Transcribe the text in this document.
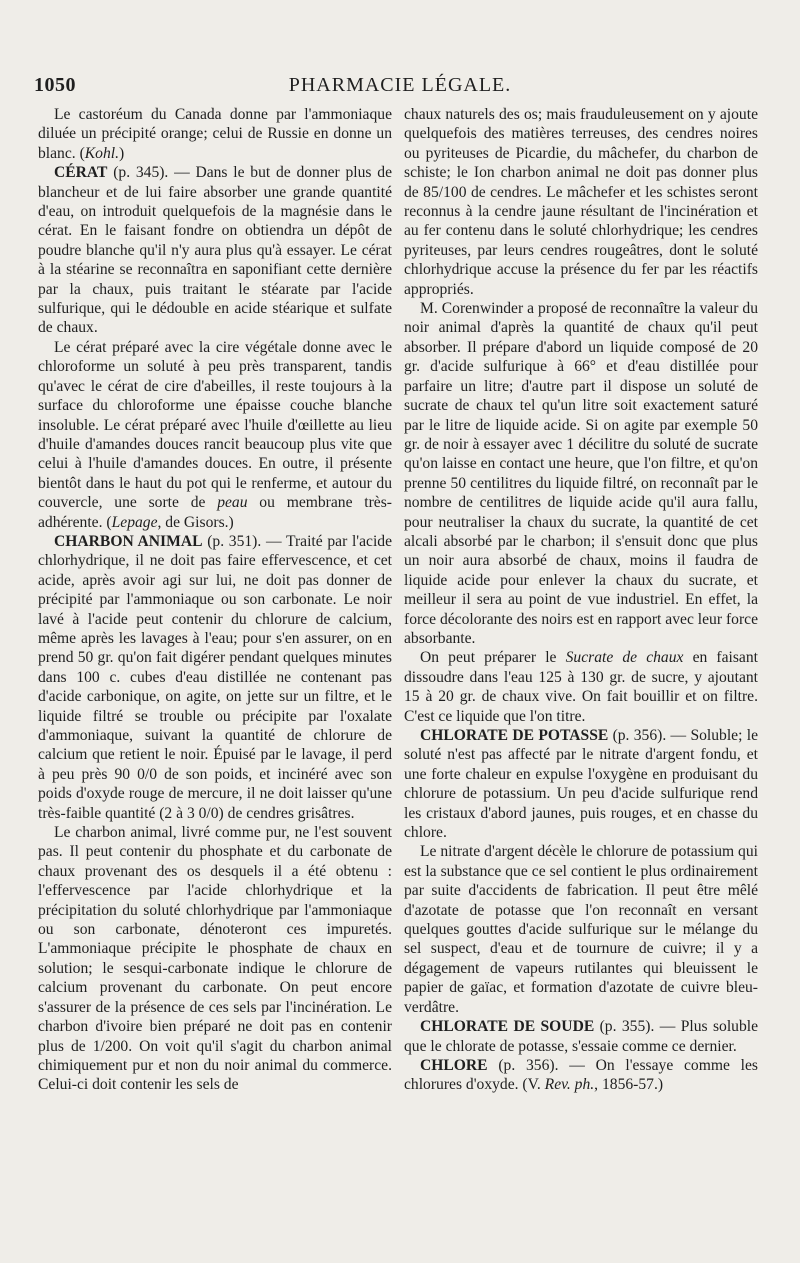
1050	PHARMACIE LÉGALE.

Le castoréum du Canada donne par l'ammoniaque diluée un précipité orange; celui de Russie en donne un blanc. (Kohl.)

CÉRAT (p. 345). — Dans le but de donner plus de blancheur et de lui faire absorber une grande quantité d'eau, on introduit quelquefois de la magnésie dans le cérat. En le faisant fondre on obtiendra un dépôt de poudre blanche qu'il n'y aura plus qu'à essayer. Le cérat à la stéarine se reconnaîtra en saponifiant cette dernière par la chaux, puis traitant le stéarate par l'acide sulfurique, qui le dédouble en acide stéarique et sulfate de chaux.

Le cérat préparé avec la cire végétale donne avec le chloroforme un soluté à peu près transparent, tandis qu'avec le cérat de cire d'abeilles, il reste toujours à la surface du chloroforme une épaisse couche blanche insoluble. Le cérat préparé avec l'huile d'œillette au lieu d'huile d'amandes douces rancit beaucoup plus vite que celui à l'huile d'amandes douces. En outre, il présente bientôt dans le haut du pot qui le renferme, et autour du couvercle, une sorte de peau ou membrane très-adhérente. (Lepage, de Gisors.)

CHARBON ANIMAL (p. 351). — Traité par l'acide chlorhydrique, il ne doit pas faire effervescence, et cet acide, après avoir agi sur lui, ne doit pas donner de précipité par l'ammoniaque ou son carbonate. Le noir lavé à l'acide peut contenir du chlorure de calcium, même après les lavages à l'eau; pour s'en assurer, on en prend 50 gr. qu'on fait digérer pendant quelques minutes dans 100 c. cubes d'eau distillée ne contenant pas d'acide carbonique, on agite, on jette sur un filtre, et le liquide filtré se trouble ou précipite par l'oxalate d'ammoniaque, suivant la quantité de chlorure de calcium que retient le noir. Épuisé par le lavage, il perd à peu près 90 0/0 de son poids, et incinéré avec son poids d'oxyde rouge de mercure, il ne doit laisser qu'une très-faible quantité (2 à 3 0/0) de cendres grisâtres.

Le charbon animal, livré comme pur, ne l'est souvent pas. Il peut contenir du phosphate et du carbonate de chaux provenant des os desquels il a été obtenu : l'effervescence par l'acide chlorhydrique et la précipitation du soluté chlorhydrique par l'ammoniaque ou son carbonate, dénoteront ces impuretés. L'ammoniaque précipite le phosphate de chaux en solution; le sesqui-carbonate indique le chlorure de calcium provenant du carbonate. On peut encore s'assurer de la présence de ces sels par l'incinération. Le charbon d'ivoire bien préparé ne doit pas en contenir plus de 1/200. On voit qu'il s'agit du charbon animal chimiquement pur et non du noir animal du commerce. Celui-ci doit contenir les sels de

chaux naturels des os; mais frauduleusement on y ajoute quelquefois des matières terreuses, des cendres noires ou pyriteuses de Picardie, du mâchefer, du charbon de schiste; le Ion charbon animal ne doit pas donner plus de 85/100 de cendres. Le mâchefer et les schistes seront reconnus à la cendre jaune résultant de l'incinération et au fer contenu dans le soluté chlorhydrique; les cendres pyriteuses, par leurs cendres rougeâtres, dont le soluté chlorhydrique accuse la présence du fer par les réactifs appropriés.

M. Corenwinder a proposé de reconnaître la valeur du noir animal d'après la quantité de chaux qu'il peut absorber. Il prépare d'abord un liquide composé de 20 gr. d'acide sulfurique à 66° et d'eau distillée pour parfaire un litre; d'autre part il dispose un soluté de sucrate de chaux tel qu'un litre soit exactement saturé par le litre de liquide acide. Si on agite par exemple 50 gr. de noir à essayer avec 1 décilitre du soluté de sucrate qu'on laisse en contact une heure, que l'on filtre, et qu'on prenne 50 centilitres du liquide filtré, on reconnaît par le nombre de centilitres de liquide acide qu'il aura fallu, pour neutraliser la chaux du sucrate, la quantité de cet alcali absorbé par le charbon; il s'ensuit donc que plus un noir aura absorbé de chaux, moins il faudra de liquide acide pour enlever la chaux du sucrate, et meilleur il sera au point de vue industriel. En effet, la force décolorante des noirs est en rapport avec leur force absorbante.

On peut préparer le Sucrate de chaux en faisant dissoudre dans l'eau 125 à 130 gr. de sucre, y ajoutant 15 à 20 gr. de chaux vive. On fait bouillir et on filtre. C'est ce liquide que l'on titre.

CHLORATE DE POTASSE (p. 356). — Soluble; le soluté n'est pas affecté par le nitrate d'argent fondu, et une forte chaleur en expulse l'oxygène en produisant du chlorure de potassium. Un peu d'acide sulfurique rend les cristaux d'abord jaunes, puis rouges, et en chasse du chlore.

Le nitrate d'argent décèle le chlorure de potassium qui est la substance que ce sel contient le plus ordinairement par suite d'accidents de fabrication. Il peut être mêlé d'azotate de potasse que l'on reconnaît en versant quelques gouttes d'acide sulfurique sur le mélange du sel suspect, d'eau et de tournure de cuivre; il y a dégagement de vapeurs rutilantes qui bleuissent le papier de gaïac, et formation d'azotate de cuivre bleu-verdâtre.

CHLORATE DE SOUDE (p. 355). — Plus soluble que le chlorate de potasse, s'essaie comme ce dernier.

CHLORE (p. 356). — On l'essaye comme les chlorures d'oxyde. (V. Rev. ph., 1856-57.)
